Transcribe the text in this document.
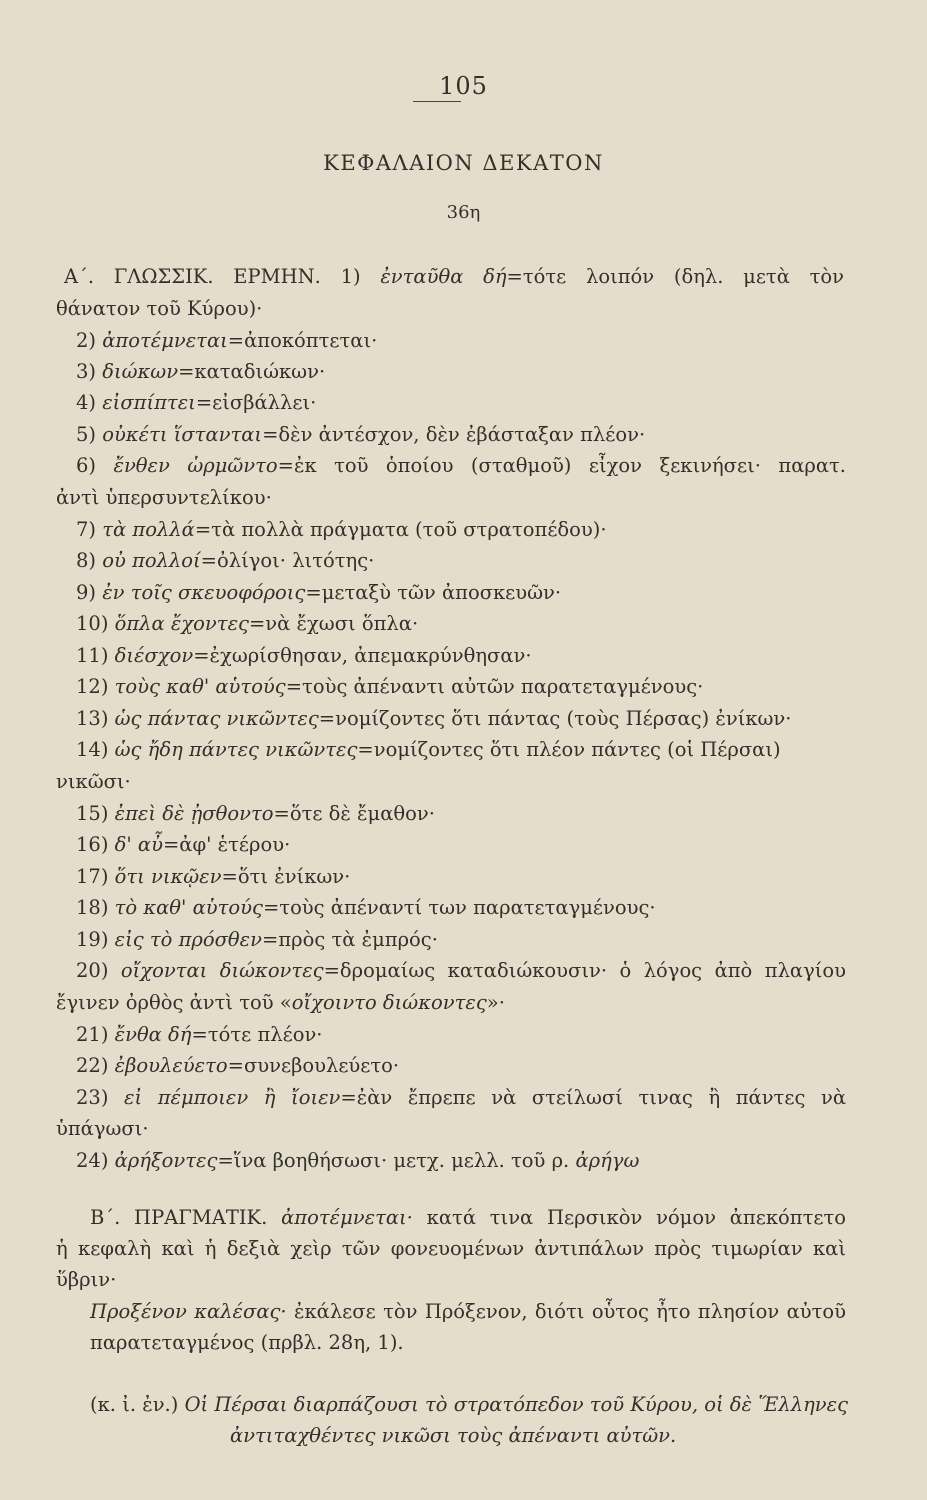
105
ΚΕΦΑΛΑΙΟΝ ΔΕΚΑΤΟΝ
36η
Α΄. ΓΛΩΣΣΙΚ. ΕΡΜΗΝ. 1) ἐνταῦθα δή=τότε λοιπόν (δηλ. μετὰ τὸν
θάνατον τοῦ Κύρου)·
2) ἀποτέμνεται=ἀποκόπτεται·
3) διώκων=καταδιώκων·
4) εἰσπίπτει=εἰσβάλλει·
5) οὐκέτι ἵστανται=δὲν ἀντέσχον, δὲν ἐβάσταξαν πλέον·
6) ἔνθεν ὡρμῶντο=ἐκ τοῦ ὁποίου (σταθμοῦ) εἶχον ξεκινήσει· παρατ.
ἀντὶ ὑπερσυντελίκου·
7) τὰ πολλά=τὰ πολλὰ πράγματα (τοῦ στρατοπέδου)·
8) οὐ πολλοί=ὀλίγοι· λιτότης·
9) ἐν τοῖς σκευοφόροις=μεταξὺ τῶν ἀποσκευῶν·
10) ὅπλα ἔχοντες=νὰ ἔχωσι ὅπλα·
11) διέσχον=ἐχωρίσθησαν, ἀπεμακρύνθησαν·
12) τοὺς καθ' αὑτούς=τοὺς ἀπέναντι αὐτῶν παρατεταγμένους·
13) ὡς πάντας νικῶντες=νομίζοντες ὅτι πάντας (τοὺς Πέρσας) ἐνίκων·
14) ὡς ἤδη πάντες νικῶντες=νομίζοντες ὅτι πλέον πάντες (οἱ Πέρσαι)
νικῶσι·
15) ἐπεὶ δὲ ᾐσθοντο=ὅτε δὲ ἔμαθον·
16) δ' αὖ=ἀφ' ἑτέρου·
17) ὅτι νικῷεν=ὅτι ἐνίκων·
18) τὸ καθ' αὑτούς=τοὺς ἀπέναντί των παρατεταγμένους·
19) εἰς τὸ πρόσθεν=πρὸς τὰ ἐμπρός·
20) οἴχονται διώκοντες=δρομαίως καταδιώκουσιν· ὁ λόγος ἀπὸ πλαγίου
ἔγινεν ὀρθὸς ἀντὶ τοῦ «οἴχοιντο διώκοντες»·
21) ἔνθα δή=τότε πλέον·
22) ἐβουλεύετο=συνεβουλεύετο·
23) εἰ πέμποιεν ἢ ἴοιεν=ἐὰν ἔπρεπε νὰ στείλωσί τινας ἢ πάντες νὰ
ὑπάγωσι·
24) ἀρήξοντες=ἵνα βοηθήσωσι· μετχ. μελλ. τοῦ ρ. ἀρήγω
Β΄. ΠΡΑΓΜΑΤΙΚ. ἀποτέμνεται· κατά τινα Περσικὸν νόμον ἀπεκόπτετο
ἡ κεφαλὴ καὶ ἡ δεξιὰ χεὶρ τῶν φονευομένων ἀντιπάλων πρὸς τιμωρίαν καὶ
ὕβριν·
Προξένον καλέσας· ἐκάλεσε τὸν Πρόξενον, διότι οὗτος ἦτο πλησίον αὐτοῦ
παρατεταγμένος (πρβλ. 28η, 1).
(κ. ἰ. ἐν.) Οἱ Πέρσαι διαρπάζουσι τὸ στρατόπεδον τοῦ Κύρου, οἱ δὲ Ἕλληνες
ἀντιταχθέντες νικῶσι τοὺς ἀπέναντι αὐτῶν.
